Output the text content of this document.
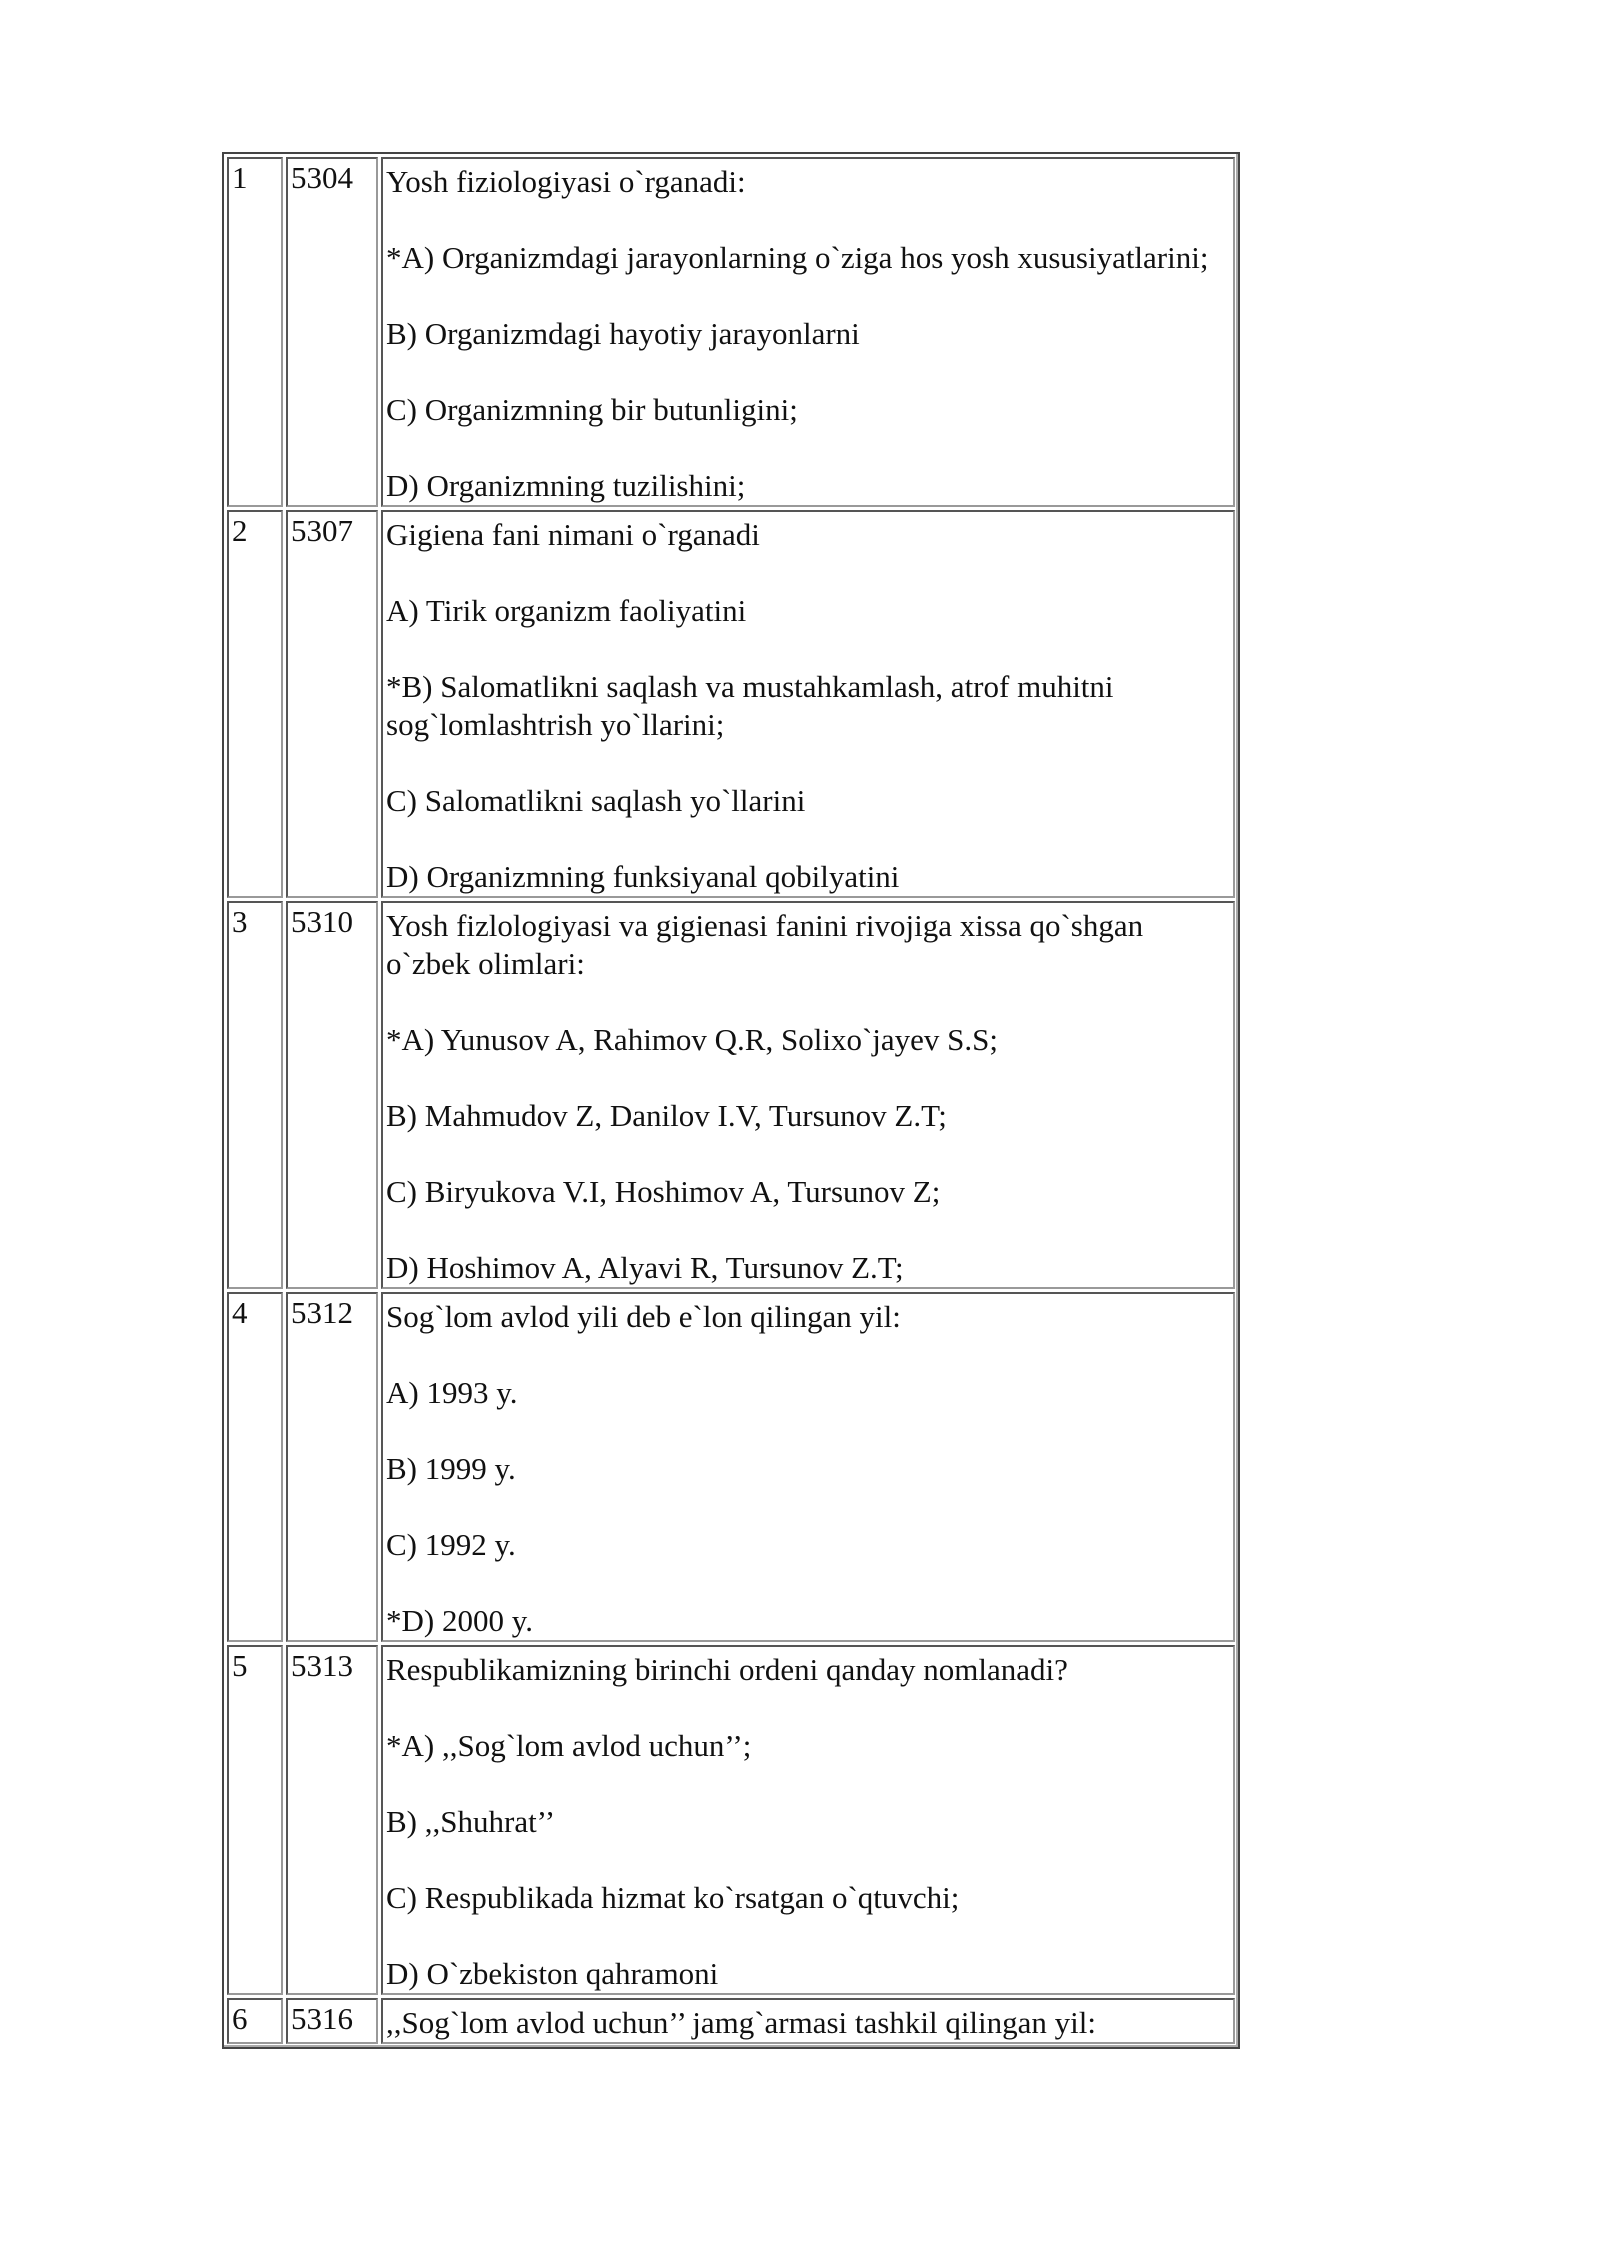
1	5304	Yosh fiziologiyasi o`rganadi:

*A) Organizmdagi jarayonlarning o`ziga hos yosh xususiyatlarini;

B) Organizmdagi hayotiy jarayonlarni

C) Organizmning bir butunligini;

D) Organizmning tuzilishini;

2	5307	Gigiena fani nimani o`rganadi

A) Tirik organizm faoliyatini

*B) Salomatlikni saqlash va mustahkamlash, atrof muhitni sog`lomlashtrish yo`llarini;

C) Salomatlikni saqlash yo`llarini

D) Organizmning funksiyanal qobilyatini

3	5310	Yosh fizlologiyasi va gigienasi fanini rivojiga xissa qo`shgan o`zbek olimlari:

*A) Yunusov A, Rahimov Q.R, Solixo`jayev S.S;

B) Mahmudov Z, Danilov I.V, Tursunov Z.T;

C) Biryukova V.I, Hoshimov A, Tursunov Z;

D) Hoshimov A, Alyavi R, Tursunov Z.T;

4	5312	Sog`lom avlod yili deb e`lon qilingan yil:

A) 1993 y.

B) 1999 y.

C) 1992 y.

*D) 2000 y.

5	5313	Respublikamizning birinchi ordeni qanday nomlanadi?

*A) ,,Sog`lom avlod uchun’’;

B) ,,Shuhrat’’

C) Respublikada hizmat ko`rsatgan o`qtuvchi;

D) O`zbekiston qahramoni

6	5316	,,Sog`lom avlod uchun’’ jamg`armasi tashkil qilingan yil:
